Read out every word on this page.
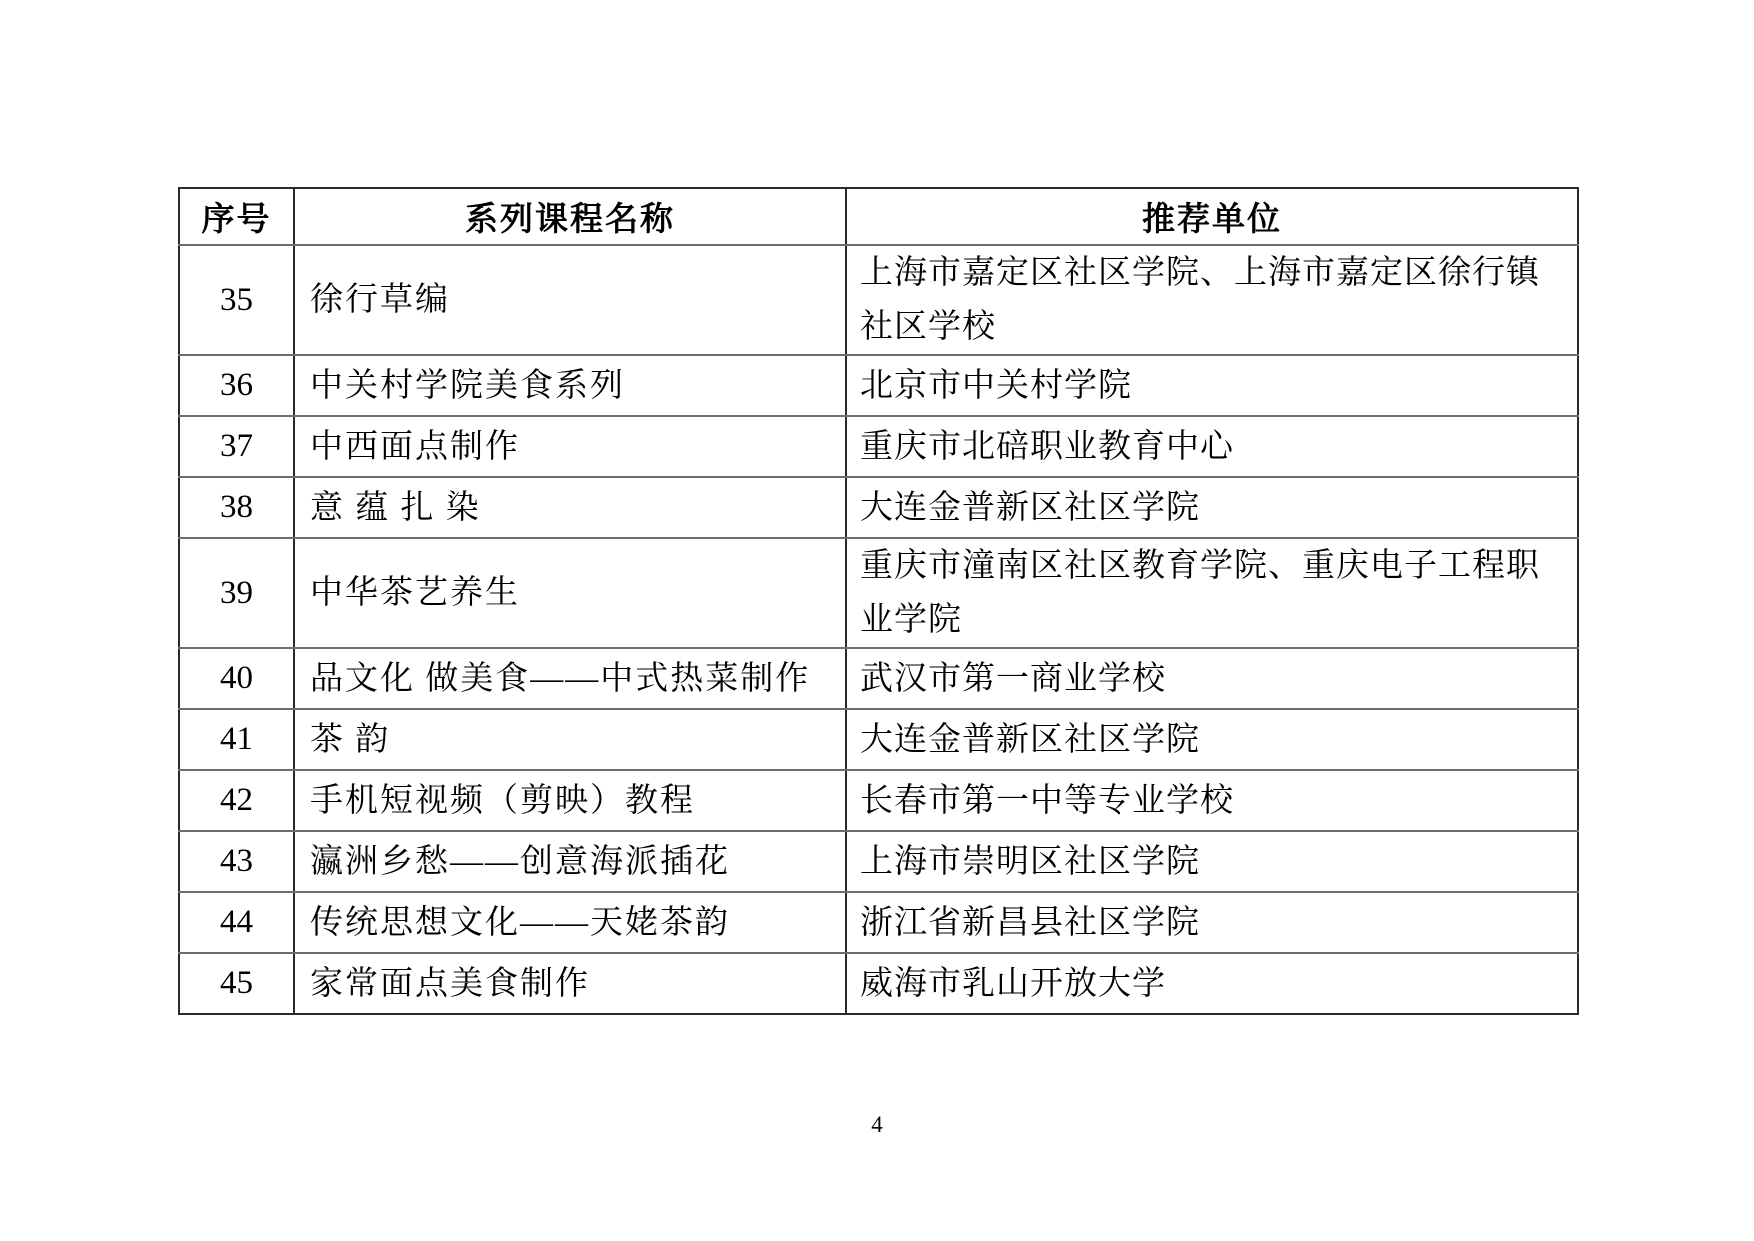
序号	系列课程名称	推荐单位
35	徐行草编	上海市嘉定区社区学院、上海市嘉定区徐行镇社区学校
36	中关村学院美食系列	北京市中关村学院
37	中西面点制作	重庆市北碚职业教育中心
38	意 蕴 扎 染	大连金普新区社区学院
39	中华茶艺养生	重庆市潼南区社区教育学院、重庆电子工程职业学院
40	品文化 做美食——中式热菜制作	武汉市第一商业学校
41	茶 韵	大连金普新区社区学院
42	手机短视频（剪映）教程	长春市第一中等专业学校
43	瀛洲乡愁——创意海派插花	上海市崇明区社区学院
44	传统思想文化——天姥茶韵	浙江省新昌县社区学院
45	家常面点美食制作	威海市乳山开放大学
4
